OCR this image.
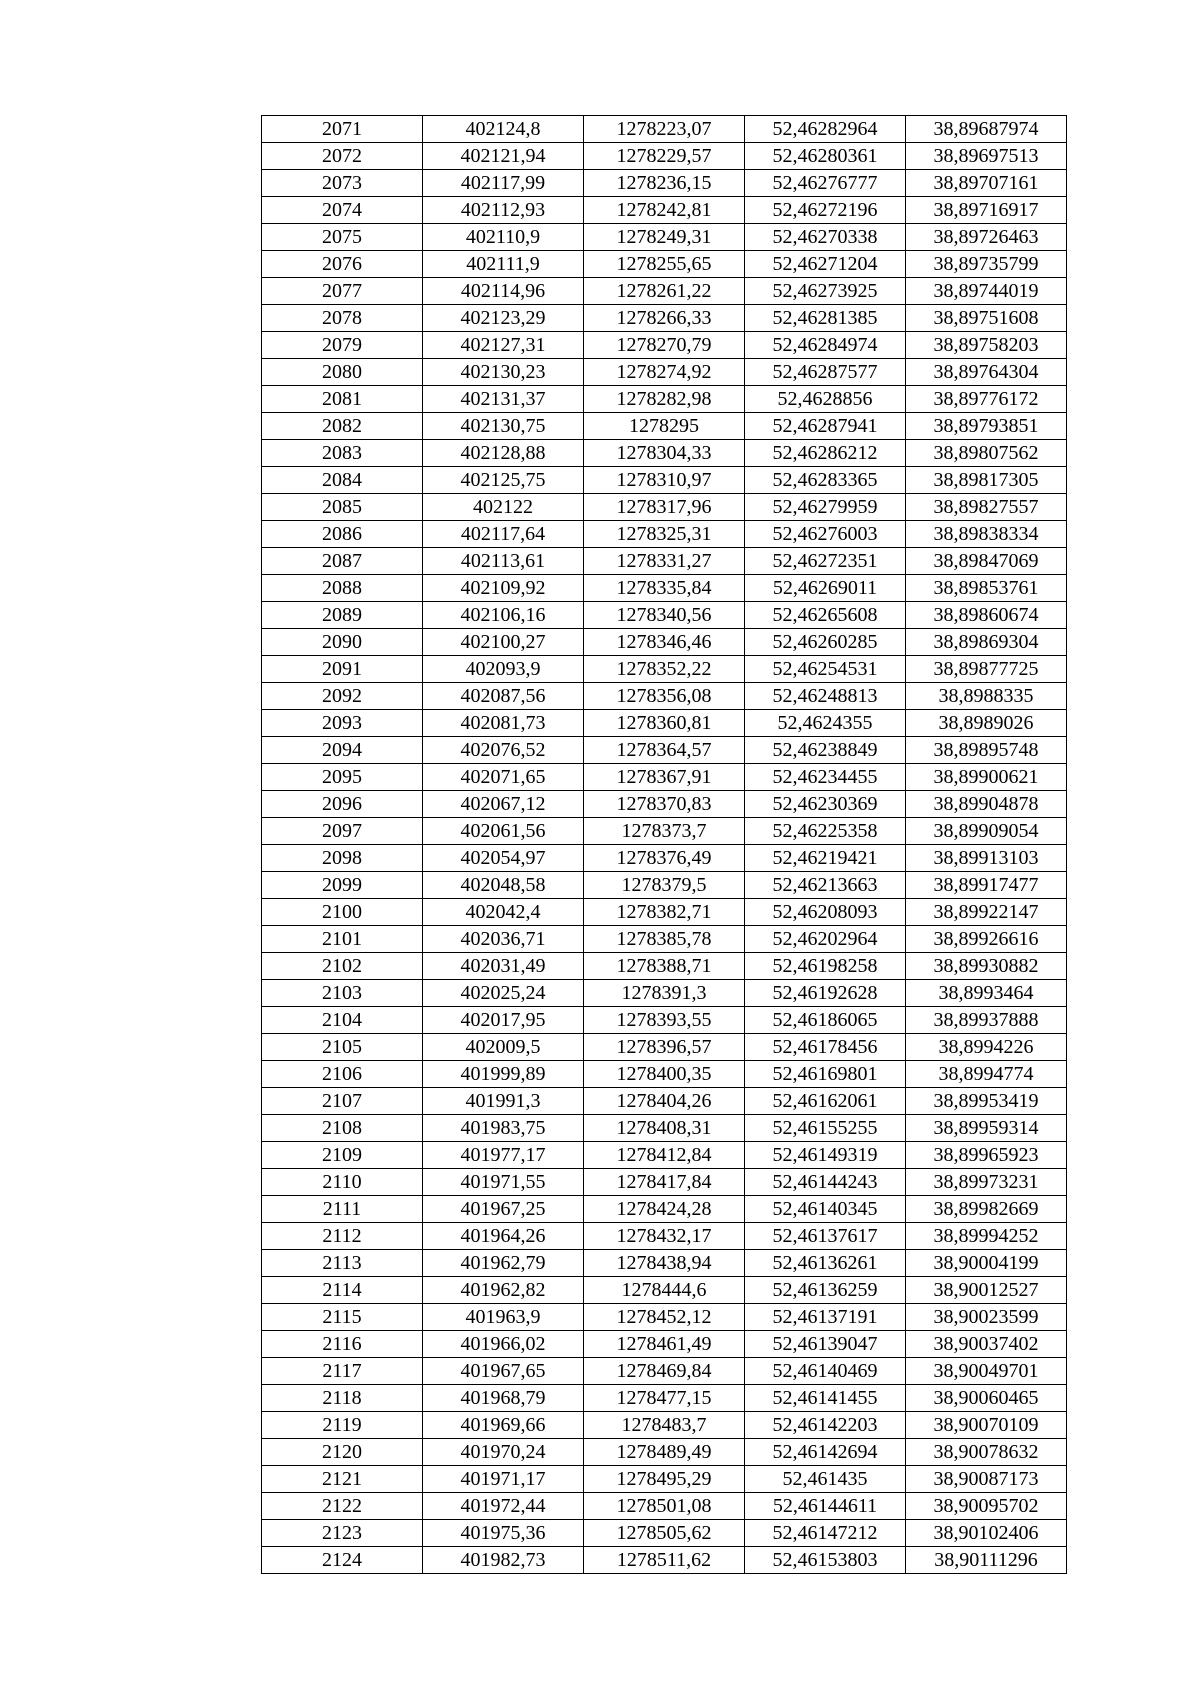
2071	402124,8	1278223,07	52,46282964	38,89687974
2072	402121,94	1278229,57	52,46280361	38,89697513
2073	402117,99	1278236,15	52,46276777	38,89707161
2074	402112,93	1278242,81	52,46272196	38,89716917
2075	402110,9	1278249,31	52,46270338	38,89726463
2076	402111,9	1278255,65	52,46271204	38,89735799
2077	402114,96	1278261,22	52,46273925	38,89744019
2078	402123,29	1278266,33	52,46281385	38,89751608
2079	402127,31	1278270,79	52,46284974	38,89758203
2080	402130,23	1278274,92	52,46287577	38,89764304
2081	402131,37	1278282,98	52,4628856	38,89776172
2082	402130,75	1278295	52,46287941	38,89793851
2083	402128,88	1278304,33	52,46286212	38,89807562
2084	402125,75	1278310,97	52,46283365	38,89817305
2085	402122	1278317,96	52,46279959	38,89827557
2086	402117,64	1278325,31	52,46276003	38,89838334
2087	402113,61	1278331,27	52,46272351	38,89847069
2088	402109,92	1278335,84	52,46269011	38,89853761
2089	402106,16	1278340,56	52,46265608	38,89860674
2090	402100,27	1278346,46	52,46260285	38,89869304
2091	402093,9	1278352,22	52,46254531	38,89877725
2092	402087,56	1278356,08	52,46248813	38,8988335
2093	402081,73	1278360,81	52,4624355	38,8989026
2094	402076,52	1278364,57	52,46238849	38,89895748
2095	402071,65	1278367,91	52,46234455	38,89900621
2096	402067,12	1278370,83	52,46230369	38,89904878
2097	402061,56	1278373,7	52,46225358	38,89909054
2098	402054,97	1278376,49	52,46219421	38,89913103
2099	402048,58	1278379,5	52,46213663	38,89917477
2100	402042,4	1278382,71	52,46208093	38,89922147
2101	402036,71	1278385,78	52,46202964	38,89926616
2102	402031,49	1278388,71	52,46198258	38,89930882
2103	402025,24	1278391,3	52,46192628	38,8993464
2104	402017,95	1278393,55	52,46186065	38,89937888
2105	402009,5	1278396,57	52,46178456	38,8994226
2106	401999,89	1278400,35	52,46169801	38,8994774
2107	401991,3	1278404,26	52,46162061	38,89953419
2108	401983,75	1278408,31	52,46155255	38,89959314
2109	401977,17	1278412,84	52,46149319	38,89965923
2110	401971,55	1278417,84	52,46144243	38,89973231
2111	401967,25	1278424,28	52,46140345	38,89982669
2112	401964,26	1278432,17	52,46137617	38,89994252
2113	401962,79	1278438,94	52,46136261	38,90004199
2114	401962,82	1278444,6	52,46136259	38,90012527
2115	401963,9	1278452,12	52,46137191	38,90023599
2116	401966,02	1278461,49	52,46139047	38,90037402
2117	401967,65	1278469,84	52,46140469	38,90049701
2118	401968,79	1278477,15	52,46141455	38,90060465
2119	401969,66	1278483,7	52,46142203	38,90070109
2120	401970,24	1278489,49	52,46142694	38,90078632
2121	401971,17	1278495,29	52,461435	38,90087173
2122	401972,44	1278501,08	52,46144611	38,90095702
2123	401975,36	1278505,62	52,46147212	38,90102406
2124	401982,73	1278511,62	52,46153803	38,90111296
